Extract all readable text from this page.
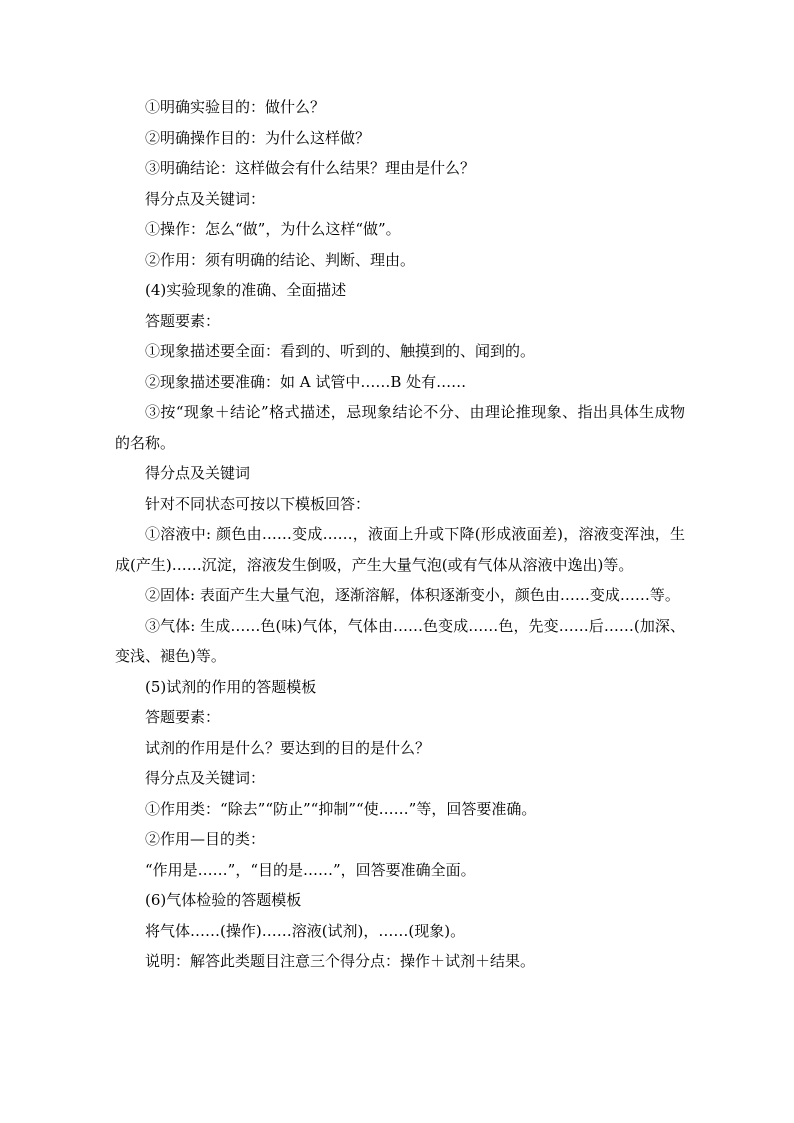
①明确实验目的：做什么？

②明确操作目的：为什么这样做？

③明确结论：这样做会有什么结果？理由是什么？

得分点及关键词：

①操作：怎么“做”，为什么这样“做”。

②作用：须有明确的结论、判断、理由。

(4)实验现象的准确、全面描述

答题要素：

①现象描述要全面：看到的、听到的、触摸到的、闻到的。

②现象描述要准确：如 A 试管中……B 处有……

③按“现象＋结论”格式描述，忌现象结论不分、由理论推现象、指出具体生成物的名称。

得分点及关键词

针对不同状态可按以下模板回答：

①溶液中: 颜色由……变成……，液面上升或下降(形成液面差)，溶液变浑浊，生成(产生)……沉淀，溶液发生倒吸，产生大量气泡(或有气体从溶液中逸出)等。

②固体: 表面产生大量气泡，逐渐溶解，体积逐渐变小，颜色由……变成……等。

③气体: 生成……色(味)气体，气体由……色变成……色，先变……后……(加深、变浅、褪色)等。

(5)试剂的作用的答题模板

答题要素：

试剂的作用是什么？要达到的目的是什么？

得分点及关键词：

①作用类：“除去”“防止”“抑制”“使……”等，回答要准确。

②作用—目的类：

“作用是……”，“目的是……”，回答要准确全面。

(6)气体检验的答题模板

将气体……(操作)……溶液(试剂)，……(现象)。

说明：解答此类题目注意三个得分点：操作＋试剂＋结果。
